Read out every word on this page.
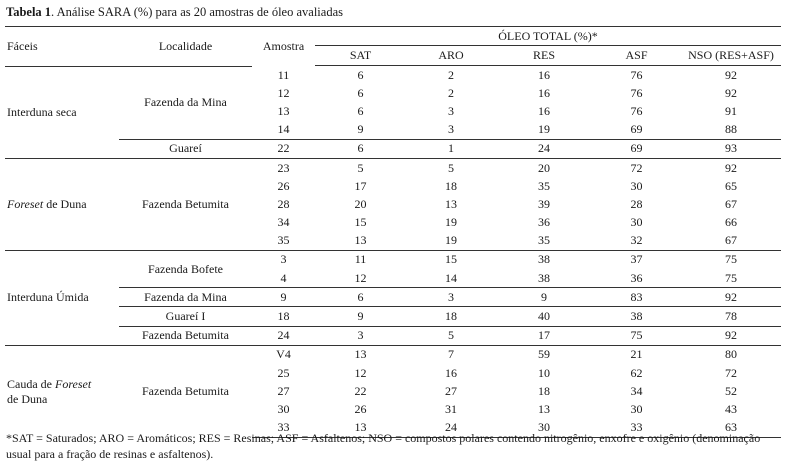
Tabela 1. Análise SARA (%) para as 20 amostras de óleo avaliadas
Fáceis	Localidade	Amostra	ÓLEO TOTAL (%)*				
			SAT	ARO	RES	ASF	NSO (RES+ASF)

Interduna seca	Fazenda da Mina	11	6	2	16	76	92
		12	6	2	16	76	92
		13	6	3	16	76	91
		14	9	3	19	69	88
	Guareí	22	6	1	24	69	93
Foreset de Duna	Fazenda Betumita	23	5	5	20	72	92
		26	17	18	35	30	65
		28	20	13	39	28	67
		34	15	19	36	30	66
		35	13	19	35	32	67
Interduna Úmida	Fazenda Bofete	3	11	15	38	37	75
		4	12	14	38	36	75
	Fazenda da Mina	9	6	3	9	83	92
	Guareí I	18	9	18	40	38	78
	Fazenda Betumita	24	3	5	17	75	92
Cauda de Foreset
de Duna	Fazenda Betumita	V4	13	7	59	21	80
		25	12	16	10	62	72
		27	22	27	18	34	52
		30	26	31	13	30	43
		33	13	24	30	33	63
*SAT = Saturados; ARO = Aromáticos; RES = Resinas; ASF = Asfaltenos; NSO = compostos polares contendo nitrogênio, enxofre e oxigênio (denominação usual para a fração de resinas e asfaltenos).
